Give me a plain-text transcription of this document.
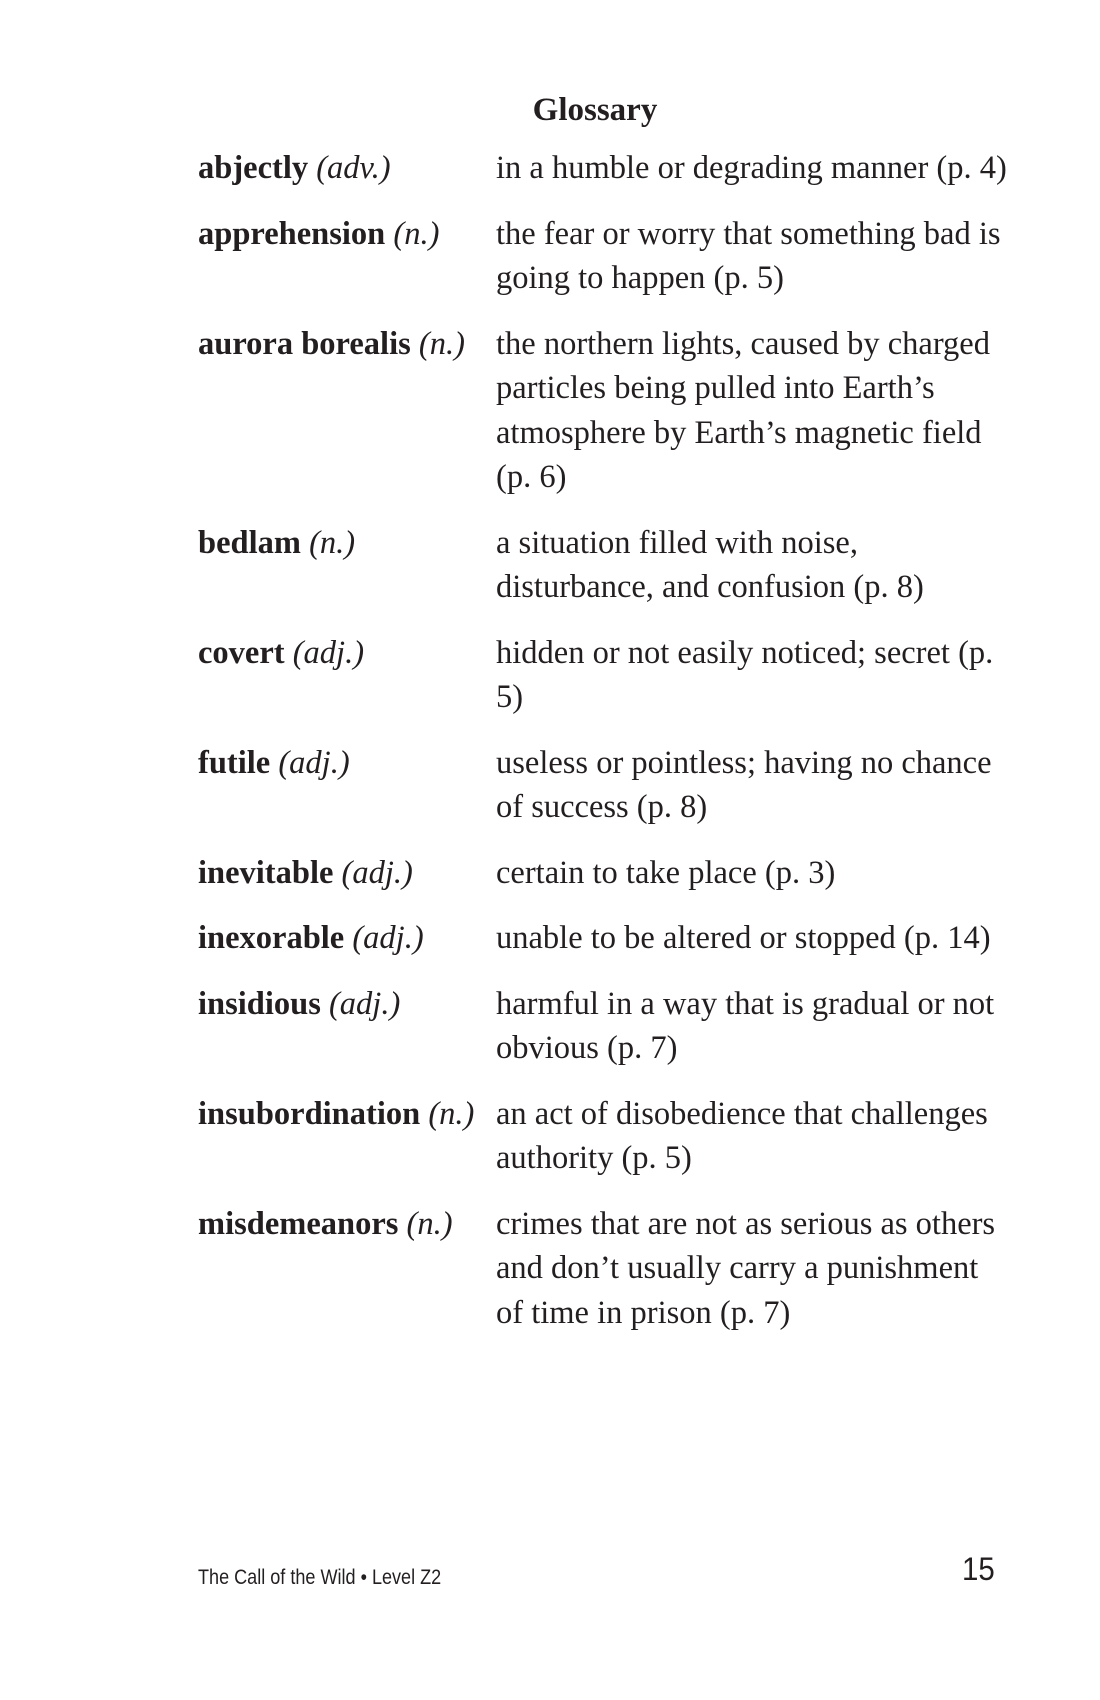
Glossary
abjectly (adv.)	in a humble or degrading manner (p. 4)
apprehension (n.)	the fear or worry that something bad is going to happen (p. 5)
aurora borealis (n.) the northern lights, caused by charged particles being pulled into Earth’s atmosphere by Earth’s magnetic field (p. 6)
bedlam (n.)	a situation filled with noise, disturbance, and confusion (p. 8)
covert (adj.)	hidden or not easily noticed; secret (p. 5)
futile (adj.)	useless or pointless; having no chance of success (p. 8)
inevitable (adj.)	certain to take place (p. 3)
inexorable (adj.)	unable to be altered or stopped (p. 14)
insidious (adj.)	harmful in a way that is gradual or not obvious (p. 7)
insubordination (n.) an act of disobedience that challenges authority (p. 5)
misdemeanors (n.)	crimes that are not as serious as others and don’t usually carry a punishment of time in prison (p. 7)
The Call of the Wild • Level Z2	15
